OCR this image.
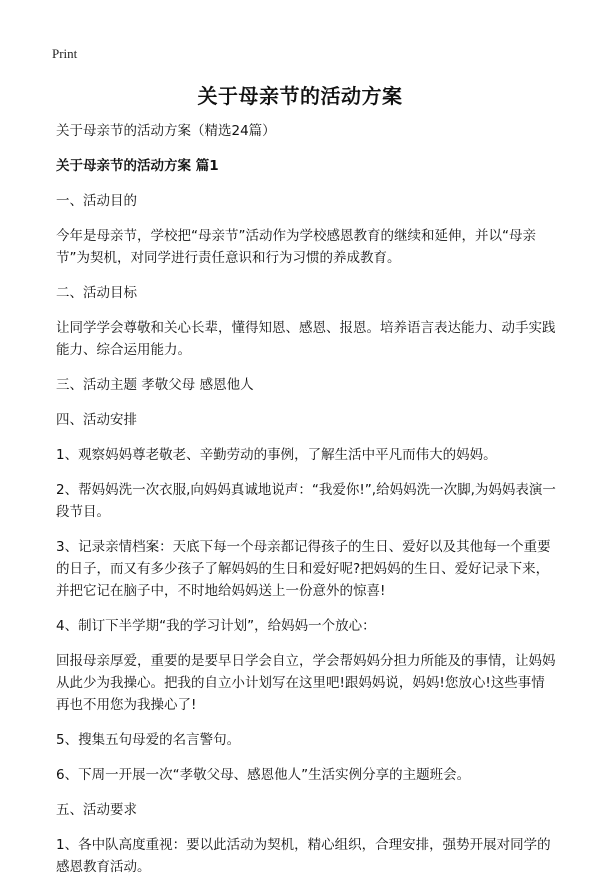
Print
关于母亲节的活动方案

关于母亲节的活动方案（精选24篇）

关于母亲节的活动方案 篇1

一、活动目的

今年是母亲节，学校把“母亲节”活动作为学校感恩教育的继续和延伸，并以“母亲节”为契机，对同学进行责任意识和行为习惯的养成教育。

二、活动目标

让同学学会尊敬和关心长辈，懂得知恩、感恩、报恩。培养语言表达能力、动手实践能力、综合运用能力。

三、活动主题 孝敬父母 感恩他人

四、活动安排

1、观察妈妈尊老敬老、辛勤劳动的事例，了解生活中平凡而伟大的妈妈。

2、帮妈妈洗一次衣服,向妈妈真诚地说声：“我爱你!”,给妈妈洗一次脚,为妈妈表演一段节目。

3、记录亲情档案：天底下每一个母亲都记得孩子的生日、爱好以及其他每一个重要的日子，而又有多少孩子了解妈妈的生日和爱好呢?把妈妈的生日、爱好记录下来，并把它记在脑子中，不时地给妈妈送上一份意外的惊喜!

4、制订下半学期“我的学习计划”，给妈妈一个放心：

回报母亲厚爱，重要的是要早日学会自立，学会帮妈妈分担力所能及的事情，让妈妈从此少为我操心。把我的自立小计划写在这里吧!跟妈妈说，妈妈!您放心!这些事情再也不用您为我操心了!

5、搜集五句母爱的名言警句。

6、下周一开展一次“孝敬父母、感恩他人”生活实例分享的主题班会。

五、活动要求

1、各中队高度重视：要以此活动为契机，精心组织，合理安排，强势开展对同学的感恩教育活动。
